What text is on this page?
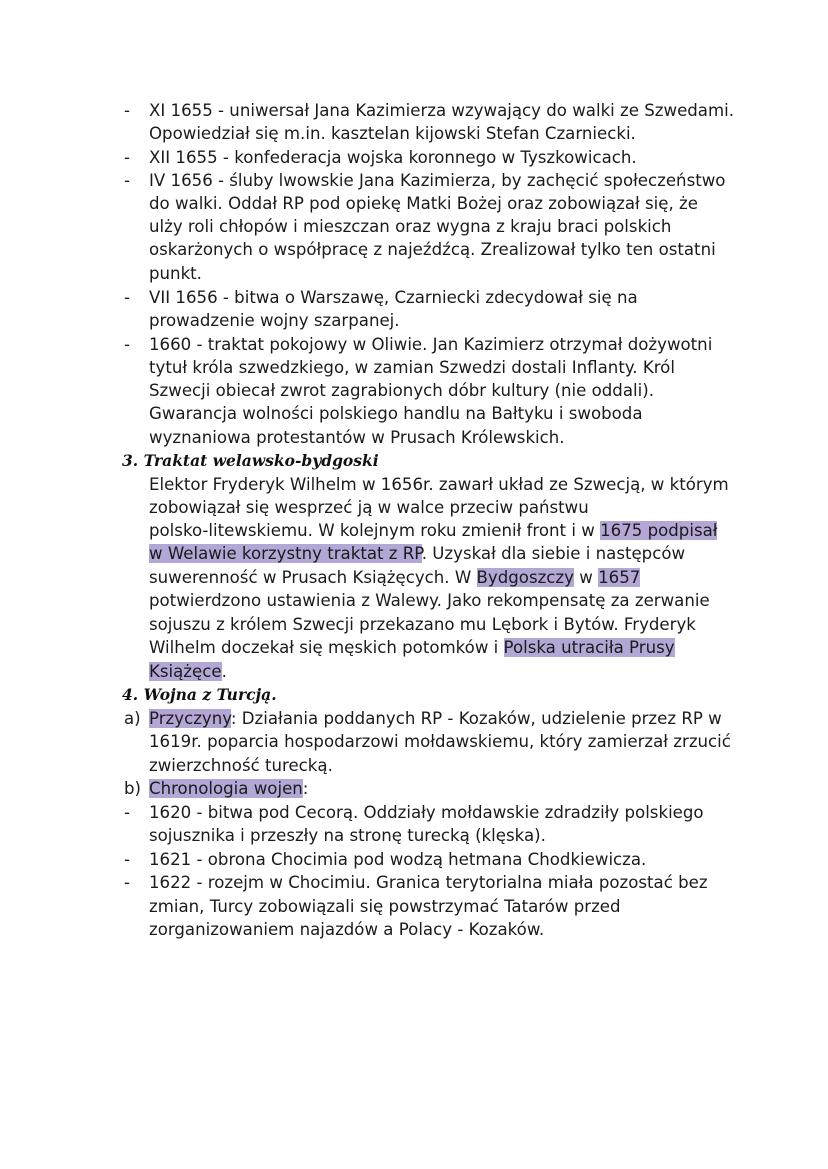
- XI 1655 - uniwersał Jana Kazimierza wzywający do walki ze Szwedami.
Opowiedział się m.in. kasztelan kijowski Stefan Czarniecki.
- XII 1655 - konfederacja wojska koronnego w Tyszkowicach.
- IV 1656 - śluby lwowskie Jana Kazimierza, by zachęcić społeczeństwo
do walki. Oddał RP pod opiekę Matki Bożej oraz zobowiązał się, że
ulży roli chłopów i mieszczan oraz wygna z kraju braci polskich
oskarżonych o współpracę z najeźdźcą. Zrealizował tylko ten ostatni
punkt.
- VII 1656 - bitwa o Warszawę, Czarniecki zdecydował się na
prowadzenie wojny szarpanej.
- 1660 - traktat pokojowy w Oliwie. Jan Kazimierz otrzymał dożywotni
tytuł króla szwedzkiego, w zamian Szwedzi dostali Inflanty. Król
Szwecji obiecał zwrot zagrabionych dóbr kultury (nie oddali).
Gwarancja wolności polskiego handlu na Bałtyku i swoboda
wyznaniowa protestantów w Prusach Królewskich.
3. Traktat welawsko-bydgoski
Elektor Fryderyk Wilhelm w 1656r. zawarł układ ze Szwecją, w którym
zobowiązał się wesprzeć ją w walce przeciw państwu
polsko-litewskiemu. W kolejnym roku zmienił front i w 1675 podpisał
w Welawie korzystny traktat z RP. Uzyskał dla siebie i następców
suwerenność w Prusach Książęcych. W Bydgoszczy w 1657
potwierdzono ustawienia z Walewy. Jako rekompensatę za zerwanie
sojuszu z królem Szwecji przekazano mu Lębork i Bytów. Fryderyk
Wilhelm doczekał się męskich potomków i Polska utraciła Prusy
Książęce.
4. Wojna z Turcją.
a) Przyczyny: Działania poddanych RP - Kozaków, udzielenie przez RP w
1619r. poparcia hospodarzowi mołdawskiemu, który zamierzał zrzucić
zwierzchność turecką.
b) Chronologia wojen:
- 1620 - bitwa pod Cecorą. Oddziały mołdawskie zdradziły polskiego
sojusznika i przeszły na stronę turecką (klęska).
- 1621 - obrona Chocimia pod wodzą hetmana Chodkiewicza.
- 1622 - rozejm w Chocimiu. Granica terytorialna miała pozostać bez
zmian, Turcy zobowiązali się powstrzymać Tatarów przed
zorganizowaniem najazdów a Polacy - Kozaków.
